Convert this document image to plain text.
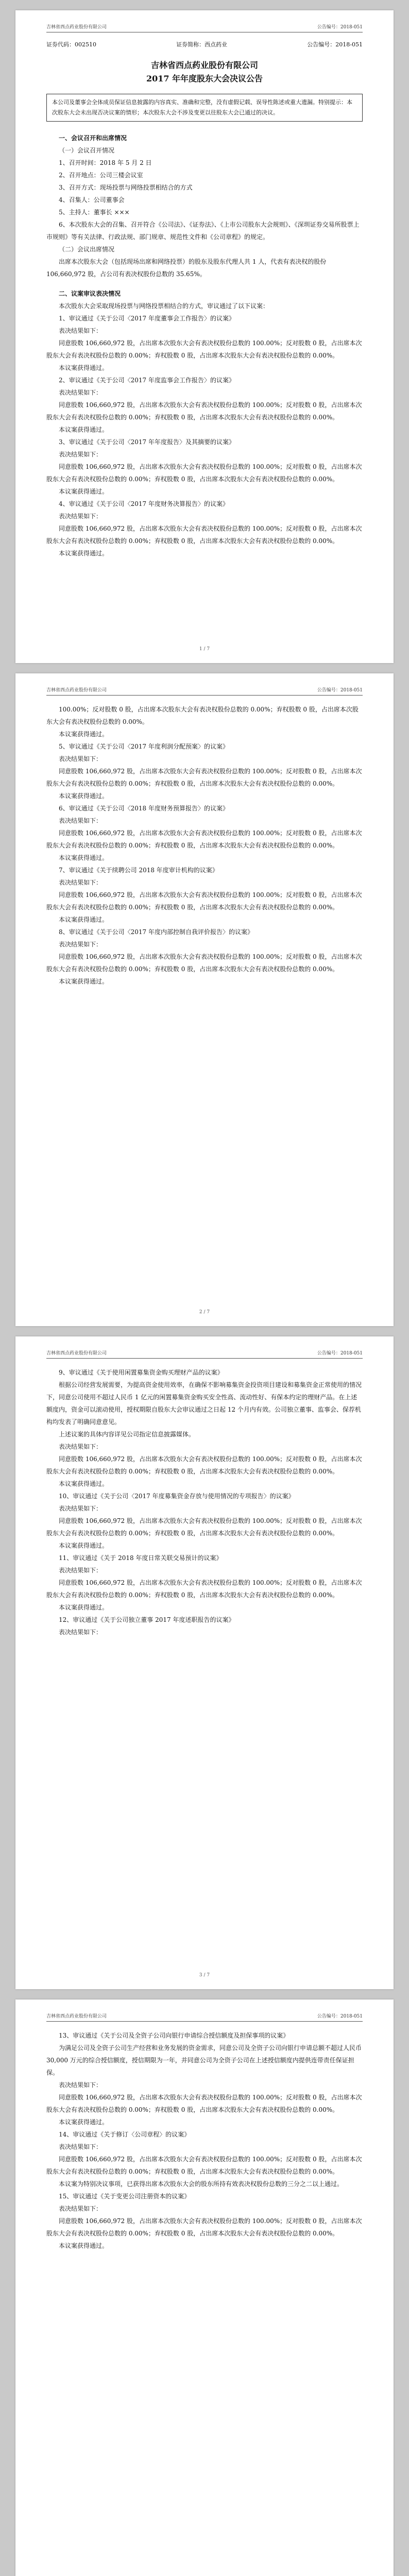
吉林省西点药业股份有限公司	公告编号：2018-051
证券代码：002510	证券简称：西点药业	公告编号：2018-051
吉林省西点药业股份有限公司
2017 年年度股东大会决议公告
本公司及董事会全体成员保证信息披露的内容真实、准确和完整，没有虚假记载、误导性陈述或重大遗漏。特别提示：本次股东大会未出现否决议案的情形；本次股东大会不涉及变更以往股东大会已通过的决议。

一、会议召开和出席情况

（一）会议召开情况

1、召开时间：2018 年 5 月 2 日

2、召开地点：公司三楼会议室

3、召开方式：现场投票与网络投票相结合的方式

4、召集人：公司董事会

5、主持人：董事长 ×××

6、本次股东大会的召集、召开符合《公司法》、《证券法》、《上市公司股东大会规则》、《深圳证券交易所股票上市规则》等有关法律、行政法规、部门规章、规范性文件和《公司章程》的规定。

（二）会议出席情况

出席本次股东大会（包括现场出席和网络投票）的股东及股东代理人共 1 人，代表有表决权的股份 106,660,972 股，占公司有表决权股份总数的 35.65%。

二、议案审议表决情况

本次股东大会采取现场投票与网络投票相结合的方式，审议通过了以下议案：

1、审议通过《关于公司〈2017 年度董事会工作报告〉的议案》

表决结果如下：

同意股数 106,660,972 股，占出席本次股东大会有表决权股份总数的 100.00%；反对股数 0 股，占出席本次股东大会有表决权股份总数的 0.00%；弃权股数 0 股，占出席本次股东大会有表决权股份总数的 0.00%。

本议案获得通过。

2、审议通过《关于公司〈2017 年度监事会工作报告〉的议案》

表决结果如下：

同意股数 106,660,972 股，占出席本次股东大会有表决权股份总数的 100.00%；反对股数 0 股，占出席本次股东大会有表决权股份总数的 0.00%；弃权股数 0 股，占出席本次股东大会有表决权股份总数的 0.00%。

本议案获得通过。

3、审议通过《关于公司〈2017 年年度报告〉及其摘要的议案》

表决结果如下：

同意股数 106,660,972 股，占出席本次股东大会有表决权股份总数的 100.00%；反对股数 0 股，占出席本次股东大会有表决权股份总数的 0.00%；弃权股数 0 股，占出席本次股东大会有表决权股份总数的 0.00%。

本议案获得通过。

4、审议通过《关于公司〈2017 年度财务决算报告〉的议案》

表决结果如下：

同意股数 106,660,972 股，占出席本次股东大会有表决权股份总数的 100.00%；反对股数 0 股，占出席本次股东大会有表决权股份总数的 0.00%；弃权股数 0 股，占出席本次股东大会有表决权股份总数的 0.00%。

本议案获得通过。

1 / 7
吉林省西点药业股份有限公司	公告编号：2018-051

100.00%；反对股数 0 股，占出席本次股东大会有表决权股份总数的 0.00%；弃权股数 0 股，占出席本次股东大会有表决权股份总数的 0.00%。

本议案获得通过。

5、审议通过《关于公司〈2017 年度利润分配预案〉的议案》

表决结果如下：

同意股数 106,660,972 股，占出席本次股东大会有表决权股份总数的 100.00%；反对股数 0 股，占出席本次股东大会有表决权股份总数的 0.00%；弃权股数 0 股，占出席本次股东大会有表决权股份总数的 0.00%。

本议案获得通过。

6、审议通过《关于公司〈2018 年度财务预算报告〉的议案》

表决结果如下：

同意股数 106,660,972 股，占出席本次股东大会有表决权股份总数的 100.00%；反对股数 0 股，占出席本次股东大会有表决权股份总数的 0.00%；弃权股数 0 股，占出席本次股东大会有表决权股份总数的 0.00%。

本议案获得通过。

7、审议通过《关于续聘公司 2018 年度审计机构的议案》

表决结果如下：

同意股数 106,660,972 股，占出席本次股东大会有表决权股份总数的 100.00%；反对股数 0 股，占出席本次股东大会有表决权股份总数的 0.00%；弃权股数 0 股，占出席本次股东大会有表决权股份总数的 0.00%。

本议案获得通过。

8、审议通过《关于公司〈2017 年度内部控制自我评价报告〉的议案》

表决结果如下：

同意股数 106,660,972 股，占出席本次股东大会有表决权股份总数的 100.00%；反对股数 0 股，占出席本次股东大会有表决权股份总数的 0.00%；弃权股数 0 股，占出席本次股东大会有表决权股份总数的 0.00%。

本议案获得通过。

2 / 7
吉林省西点药业股份有限公司	公告编号：2018-051

9、审议通过《关于使用闲置募集资金购买理财产品的议案》

根据公司经营发展需要，为提高资金使用效率，在确保不影响募集资金投资项目建设和募集资金正常使用的情况下，同意公司使用不超过人民币 1 亿元的闲置募集资金购买安全性高、流动性好、有保本约定的理财产品。在上述额度内，资金可以滚动使用，授权期限自股东大会审议通过之日起 12 个月内有效。公司独立董事、监事会、保荐机构均发表了明确同意意见。

上述议案的具体内容详见公司指定信息披露媒体。

表决结果如下：

同意股数 106,660,972 股，占出席本次股东大会有表决权股份总数的 100.00%；反对股数 0 股，占出席本次股东大会有表决权股份总数的 0.00%；弃权股数 0 股，占出席本次股东大会有表决权股份总数的 0.00%。

本议案获得通过。

10、审议通过《关于公司〈2017 年度募集资金存放与使用情况的专项报告〉的议案》

表决结果如下：

同意股数 106,660,972 股，占出席本次股东大会有表决权股份总数的 100.00%；反对股数 0 股，占出席本次股东大会有表决权股份总数的 0.00%；弃权股数 0 股，占出席本次股东大会有表决权股份总数的 0.00%。

本议案获得通过。

11、审议通过《关于 2018 年度日常关联交易预计的议案》

表决结果如下：

同意股数 106,660,972 股，占出席本次股东大会有表决权股份总数的 100.00%；反对股数 0 股，占出席本次股东大会有表决权股份总数的 0.00%；弃权股数 0 股，占出席本次股东大会有表决权股份总数的 0.00%。

本议案获得通过。

12、审议通过《关于公司独立董事 2017 年度述职报告的议案》

表决结果如下：

3 / 7
吉林省西点药业股份有限公司	公告编号：2018-051

13、审议通过《关于公司及全资子公司向银行申请综合授信额度及担保事项的议案》

为满足公司及全资子公司生产经营和业务发展的资金需求，同意公司及全资子公司向银行申请总额不超过人民币 30,000 万元的综合授信额度，授信期限为一年，并同意公司为全资子公司在上述授信额度内提供连带责任保证担保。

表决结果如下：

同意股数 106,660,972 股，占出席本次股东大会有表决权股份总数的 100.00%；反对股数 0 股，占出席本次股东大会有表决权股份总数的 0.00%；弃权股数 0 股，占出席本次股东大会有表决权股份总数的 0.00%。

本议案获得通过。

14、审议通过《关于修订〈公司章程〉的议案》

表决结果如下：

同意股数 106,660,972 股，占出席本次股东大会有表决权股份总数的 100.00%；反对股数 0 股，占出席本次股东大会有表决权股份总数的 0.00%；弃权股数 0 股，占出席本次股东大会有表决权股份总数的 0.00%。

本议案为特别决议事项，已获得出席本次股东大会的股东所持有效表决权股份总数的三分之二以上通过。

15、审议通过《关于变更公司注册资本的议案》

表决结果如下：

同意股数 106,660,972 股，占出席本次股东大会有表决权股份总数的 100.00%；反对股数 0 股，占出席本次股东大会有表决权股份总数的 0.00%；弃权股数 0 股，占出席本次股东大会有表决权股份总数的 0.00%。

本议案获得通过。
